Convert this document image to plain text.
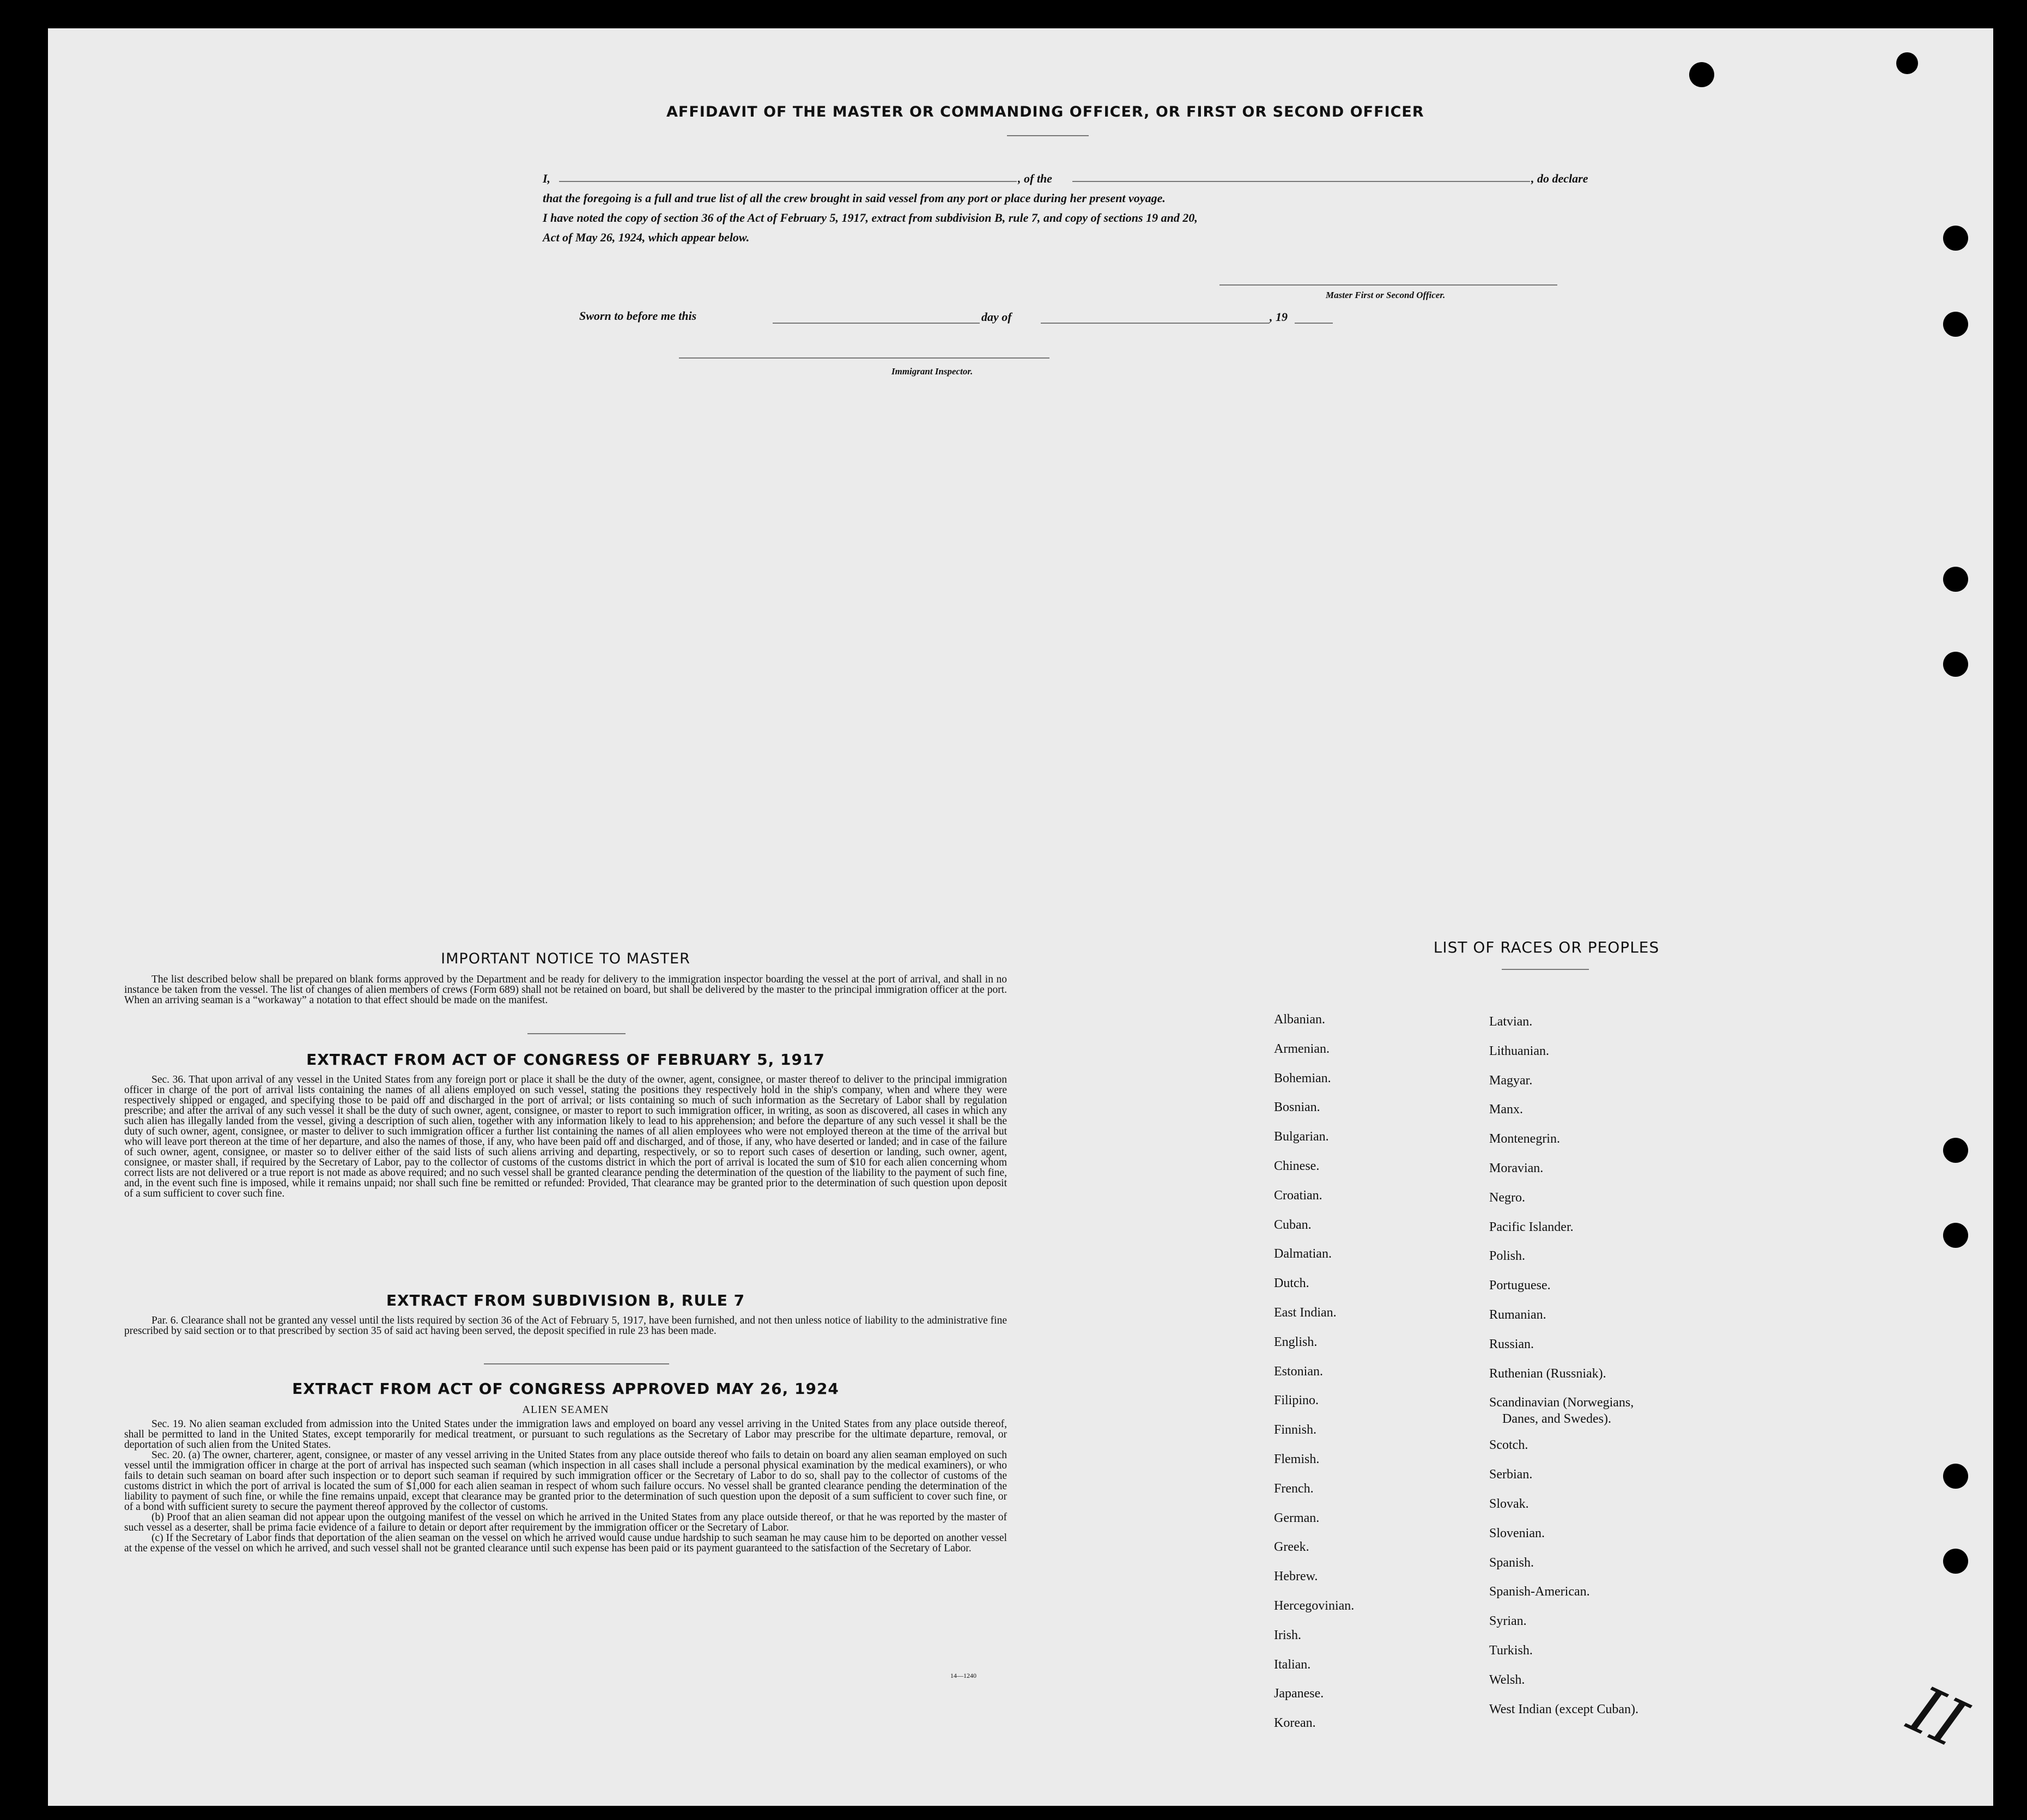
AFFIDAVIT OF THE MASTER OR COMMANDING OFFICER, OR FIRST OR SECOND OFFICER
I,	, of the	, do declare
that the foregoing is a full and true list of all the crew brought in said vessel from any port or place during her present voyage.
I have noted the copy of section 36 of the Act of February 5, 1917, extract from subdivision B, rule 7, and copy of sections 19 and 20,
Act of May 26, 1924, which appear below.
Master First or Second Officer.
Sworn to before me this	day of	, 19
Immigrant Inspector.
IMPORTANT NOTICE TO MASTER

The list described below shall be prepared on blank forms approved by the Department and be ready for delivery to the immigration inspector boarding the vessel at the port of arrival, and shall in no instance be taken from the vessel. The list of changes of alien members of crews (Form 689) shall not be retained on board, but shall be delivered by the master to the principal immigration officer at the port. When an arriving seaman is a “workaway” a notation to that effect should be made on the manifest.

EXTRACT FROM ACT OF CONGRESS OF FEBRUARY 5, 1917

Sec. 36. That upon arrival of any vessel in the United States from any foreign port or place it shall be the duty of the owner, agent, consignee, or master thereof to deliver to the principal immigration officer in charge of the port of arrival lists containing the names of all aliens employed on such vessel, stating the positions they respectively hold in the ship's company, when and where they were respectively shipped or engaged, and specifying those to be paid off and discharged in the port of arrival; or lists containing so much of such information as the Secretary of Labor shall by regulation prescribe; and after the arrival of any such vessel it shall be the duty of such owner, agent, consignee, or master to report to such immigration officer, in writing, as soon as discovered, all cases in which any such alien has illegally landed from the vessel, giving a description of such alien, together with any information likely to lead to his apprehension; and before the departure of any such vessel it shall be the duty of such owner, agent, consignee, or master to deliver to such immigration officer a further list containing the names of all alien employees who were not employed thereon at the time of the arrival but who will leave port thereon at the time of her departure, and also the names of those, if any, who have been paid off and discharged, and of those, if any, who have deserted or landed; and in case of the failure of such owner, agent, consignee, or master so to deliver either of the said lists of such aliens arriving and departing, respectively, or so to report such cases of desertion or landing, such owner, agent, consignee, or master shall, if required by the Secretary of Labor, pay to the collector of customs of the customs district in which the port of arrival is located the sum of $10 for each alien concerning whom correct lists are not delivered or a true report is not made as above required; and no such vessel shall be granted clearance pending the determination of the question of the liability to the payment of such fine, and, in the event such fine is imposed, while it remains unpaid; nor shall such fine be remitted or refunded: Provided, That clearance may be granted prior to the determination of such question upon deposit of a sum sufficient to cover such fine.

EXTRACT FROM SUBDIVISION B, RULE 7

Par. 6. Clearance shall not be granted any vessel until the lists required by section 36 of the Act of February 5, 1917, have been furnished, and not then unless notice of liability to the administrative fine prescribed by said section or to that prescribed by section 35 of said act having been served, the deposit specified in rule 23 has been made.

EXTRACT FROM ACT OF CONGRESS APPROVED MAY 26, 1924
ALIEN SEAMEN

Sec. 19. No alien seaman excluded from admission into the United States under the immigration laws and employed on board any vessel arriving in the United States from any place outside thereof, shall be permitted to land in the United States, except temporarily for medical treatment, or pursuant to such regulations as the Secretary of Labor may prescribe for the ultimate departure, removal, or deportation of such alien from the United States.

Sec. 20. (a) The owner, charterer, agent, consignee, or master of any vessel arriving in the United States from any place outside thereof who fails to detain on board any alien seaman employed on such vessel until the immigration officer in charge at the port of arrival has inspected such seaman (which inspection in all cases shall include a personal physical examination by the medical examiners), or who fails to detain such seaman on board after such inspection or to deport such seaman if required by such immigration officer or the Secretary of Labor to do so, shall pay to the collector of customs of the customs district in which the port of arrival is located the sum of $1,000 for each alien seaman in respect of whom such failure occurs. No vessel shall be granted clearance pending the determination of the liability to payment of such fine, or while the fine remains unpaid, except that clearance may be granted prior to the determination of such question upon the deposit of a sum sufficient to cover such fine, or of a bond with sufficient surety to secure the payment thereof approved by the collector of customs.

(b) Proof that an alien seaman did not appear upon the outgoing manifest of the vessel on which he arrived in the United States from any place outside thereof, or that he was reported by the master of such vessel as a deserter, shall be prima facie evidence of a failure to detain or deport after requirement by the immigration officer or the Secretary of Labor.

(c) If the Secretary of Labor finds that deportation of the alien seaman on the vessel on which he arrived would cause undue hardship to such seaman he may cause him to be deported on another vessel at the expense of the vessel on which he arrived, and such vessel shall not be granted clearance until such expense has been paid or its payment guaranteed to the satisfaction of the Secretary of Labor.

14—1240
LIST OF RACES OR PEOPLES
Albanian.
Armenian.
Bohemian.
Bosnian.
Bulgarian.
Chinese.
Croatian.
Cuban.
Dalmatian.
Dutch.
East Indian.
English.
Estonian.
Filipino.
Finnish.
Flemish.
French.
German.
Greek.
Hebrew.
Hercegovinian.
Irish.
Italian.
Japanese.
Korean.
Latvian.
Lithuanian.
Magyar.
Manx.
Montenegrin.
Moravian.
Negro.
Pacific Islander.
Polish.
Portuguese.
Rumanian.
Russian.
Ruthenian (Russniak).
Scandinavian (Norwegians,
Danes, and Swedes).
Scotch.
Serbian.
Slovak.
Slovenian.
Spanish.
Spanish-American.
Syrian.
Turkish.
Welsh.
West Indian (except Cuban).	II
